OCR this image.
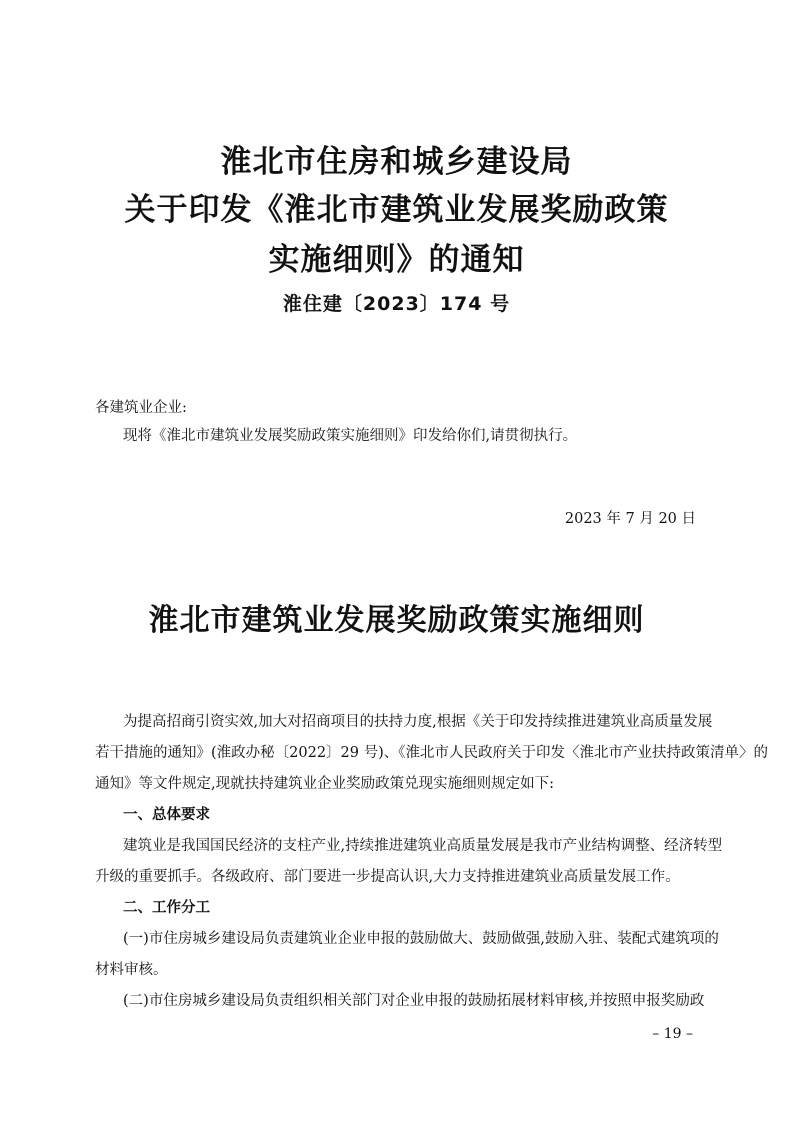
淮北市住房和城乡建设局
关于印发《淮北市建筑业发展奖励政策
实施细则》的通知
淮住建〔2023〕174 号
各建筑业企业:
现将《淮北市建筑业发展奖励政策实施细则》印发给你们,请贯彻执行。
2023 年 7 月 20 日
淮北市建筑业发展奖励政策实施细则
为提高招商引资实效,加大对招商项目的扶持力度,根据《关于印发持续推进建筑业高质量发展
若干措施的通知》(淮政办秘〔2022〕29 号)、《淮北市人民政府关于印发〈淮北市产业扶持政策清单〉的
通知》等文件规定,现就扶持建筑业企业奖励政策兑现实施细则规定如下:
一、总体要求
建筑业是我国国民经济的支柱产业,持续推进建筑业高质量发展是我市产业结构调整、经济转型
升级的重要抓手。各级政府、部门要进一步提高认识,大力支持推进建筑业高质量发展工作。
二、工作分工
(一)市住房城乡建设局负责建筑业企业申报的鼓励做大、鼓励做强,鼓励入驻、装配式建筑项的
材料审核。
(二)市住房城乡建设局负责组织相关部门对企业申报的鼓励拓展材料审核,并按照申报奖励政
– 19 –
